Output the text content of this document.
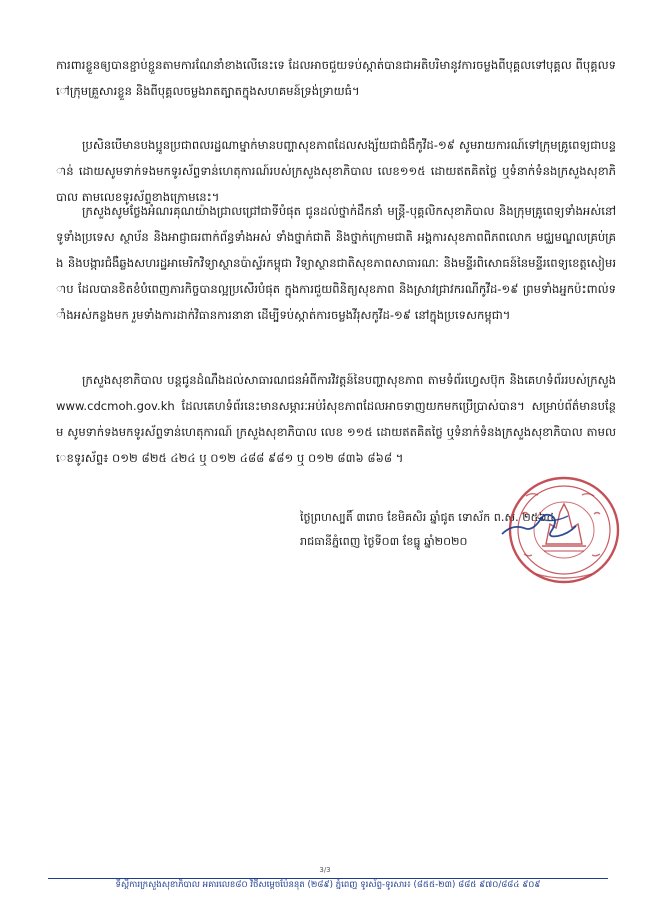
ការពារខ្លួនឲ្យបានខ្ជាប់ខ្ជួនតាមការណែនាំខាងលើនេះទេ ដែលអាចជួយទប់ស្កាត់បានជាអតិបរិមានូវការចម្លងពីបុគ្គលទៅបុគ្គល ពីបុគ្គលទៅក្រុមគ្រួសារខ្លួន និងពីបុគ្គលចម្លងរាតត្បាតក្នុងសហគមន៍ទ្រង់ទ្រាយធំ។

ប្រសិនបើមានបងប្អូនប្រជាពលរដ្ឋណាម្នាក់មានបញ្ហាសុខភាពដែលសង្ស័យជាជំងឺកូវីដ-១៩ សូមរាយការណ៍ទៅក្រុមគ្រូពេទ្យជាបន្ទាន់ ដោយសូមទាក់ទងមកទូរស័ព្ទទាន់ហេតុការណ៍របស់ក្រសួងសុខាភិបាល លេខ១១៥ ដោយឥតគិតថ្លៃ ឬទំនាក់ទំនងក្រសួងសុខាភិបាល តាមលេខទូរស័ព្ទខាងក្រោមនេះ។

ក្រសួងសូមថ្លែងអំណរគុណយ៉ាងជ្រាលជ្រៅជាទីបំផុត ជូនដល់ថ្នាក់ដឹកនាំ មន្ត្រី-បុគ្គលិកសុខាភិបាល និងក្រុមគ្រូពេទ្យទាំងអស់នៅទូទាំងប្រទេស ស្ថាប័ន និងអាជ្ញាធរពាក់ព័ន្ធទាំងអស់ ទាំងថ្នាក់ជាតិ និងថ្នាក់ក្រោមជាតិ អង្គការសុខភាពពិភពលោក មជ្ឈមណ្ឌលគ្រប់គ្រង និងបង្ការជំងឺឆ្លងសហរដ្ឋអាមេរិកវិទ្យាស្ថានប៉ាស្ទ័រកម្ពុជា វិទ្យាស្ថានជាតិសុខភាពសាធារណៈ និងមន្ទីរពិសោធន៍នៃមន្ទីរពេទ្យខេត្តសៀមរាប ដែលបានខិតខំបំពេញភារកិច្ចបានល្អប្រសើរបំផុត ក្នុងការជួយពិនិត្យសុខភាព និងស្រាវជ្រាវករណីកូវីដ-១៩ ព្រមទាំងអ្នកប៉ះពាល់ទាំងអស់កន្លងមក រួមទាំងការដាក់វិធានការនានា ដើម្បីទប់ស្កាត់ការចម្លងវីរុសកូវីដ-១៩ នៅក្នុងប្រទេសកម្ពុជា។

ក្រសួងសុខាភិបាល បន្តជូនដំណឹងដល់សាធារណជនអំពីការវិវត្តន៍នៃបញ្ហាសុខភាព តាមទំព័រហ្វេសប៊ុក និងគេហទំព័ររបស់ក្រសួង www.cdcmoh.gov.kh ដែលគេហទំព័រនេះមានសម្ភារៈអប់រំសុខភាពដែលអាចទាញយកមកប្រើប្រាស់បាន។ សម្រាប់ព័ត៌មានបន្ថែម សូមទាក់ទងមកទូរស័ព្ទទាន់ហេតុការណ៍ ក្រសួងសុខាភិបាល លេខ ១១៥ ដោយឥតគិតថ្លៃ ឬទំនាក់ទំនងក្រសួងសុខាភិបាល តាមលេខទូរស័ព្ទ៖ ០១២ ៨២៥ ៤២៤ ឬ ០១២ ៤៨៨ ៩៨១ ឬ ០១២ ៨៣៦ ៨៦៨ ។

ថ្ងៃព្រហស្បតិ៍ ៣រោច ខែមិគសិរ ឆ្នាំជូត ទោស័ក ព.ស. ២៥៦៤
រាជធានីភ្នំពេញ ថ្ងៃទី០៣ ខែធ្នូ ឆ្នាំ២០២០
3/3
ទីស្តីការក្រសួងសុខាភិបាល អគារលេខ៨០ វិថីសម្តេចប៉ែននុត (២៨៩) ភ្នំពេញ ទូរស័ព្ទ-ទូរសារ៖ (៨៥៥-២៣) ៨៨៥ ៩៧០/៨៨៤ ៩០៩
